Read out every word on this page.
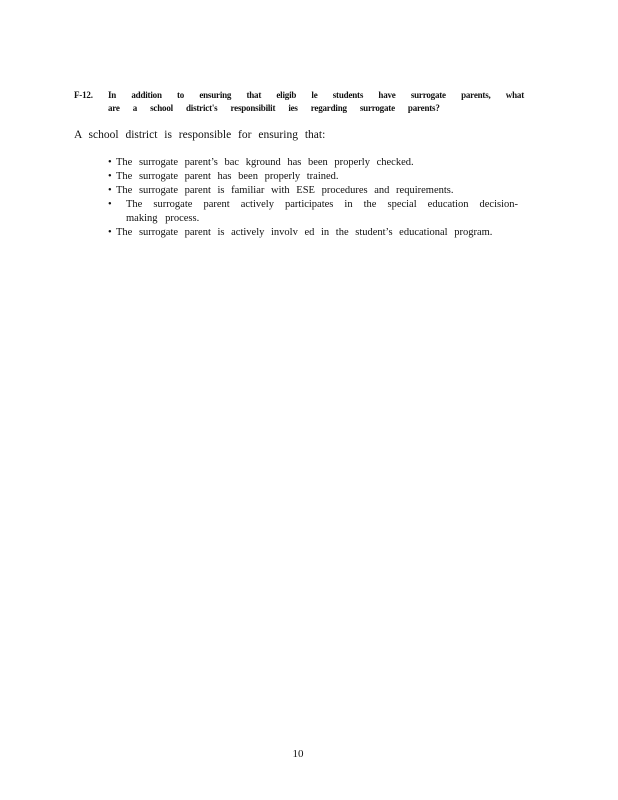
F-12. In addition to ensuring that eligib le students have surrogate parents, what are a school district's responsibilit ies regarding surrogate parents?

A school district is responsible for ensuring that:

• The surrogate parent’s bac kground has been properly checked.
• The surrogate parent has been properly trained.
• The surrogate parent is familiar with ESE procedures and requirements.
• The surrogate parent actively participates in the special education decision-making process.
• The surrogate parent is actively involv ed in the student’s educational program.
10
